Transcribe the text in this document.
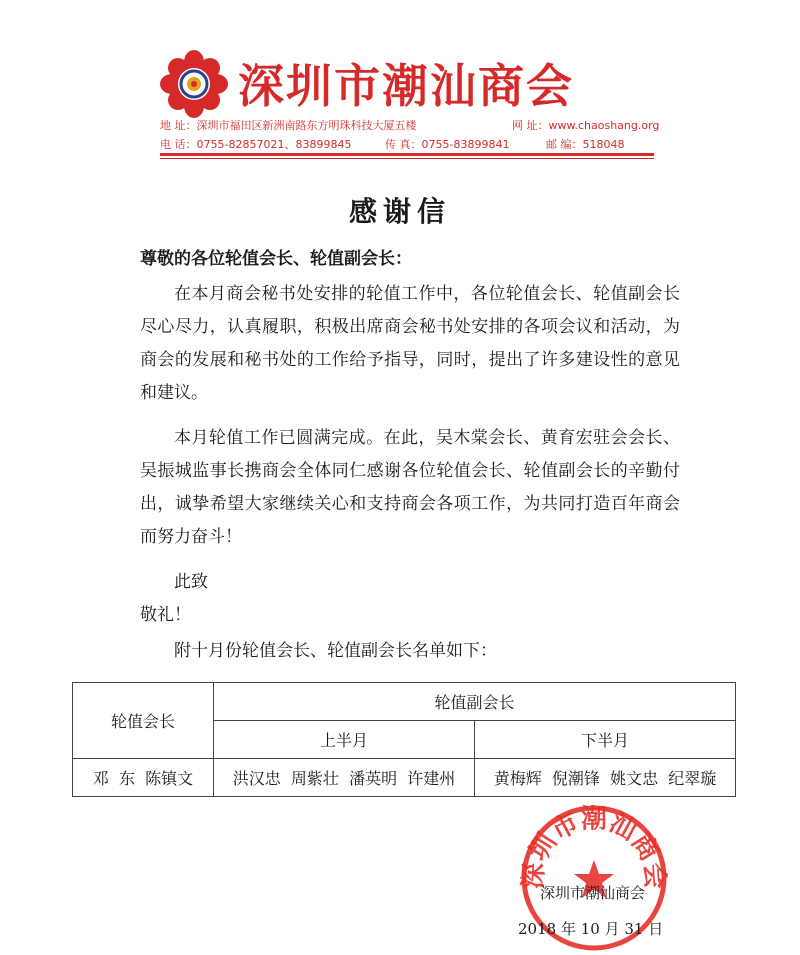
深圳市潮汕商会
地 址：深圳市福田区新洲南路东方明珠科技大厦五楼	网 址：www.chaoshang.org
电 话：0755-82857021、83899845	传 真：0755-83899841	邮 编：518048
感谢信
尊敬的各位轮值会长、轮值副会长：
在本月商会秘书处安排的轮值工作中，各位轮值会长、轮值副会长尽心尽力，认真履职，积极出席商会秘书处安排的各项会议和活动，为商会的发展和秘书处的工作给予指导，同时，提出了许多建设性的意见和建议。
本月轮值工作已圆满完成。在此，吴木棠会长、黄育宏驻会会长、吴振城监事长携商会全体同仁感谢各位轮值会长、轮值副会长的辛勤付出，诚挚希望大家继续关心和支持商会各项工作，为共同打造百年商会而努力奋斗！
此致
敬礼！
附十月份轮值会长、轮值副会长名单如下：
轮值会长	轮值副会长	
	上半月	下半月
邓  东  陈镇文	洪汉忠  周紫壮  潘英明  许建州	黄梅辉  倪潮锋  姚文忠  纪翠璇
深圳市潮汕商会
深圳市潮汕商会
2018 年 10 月 31 日
